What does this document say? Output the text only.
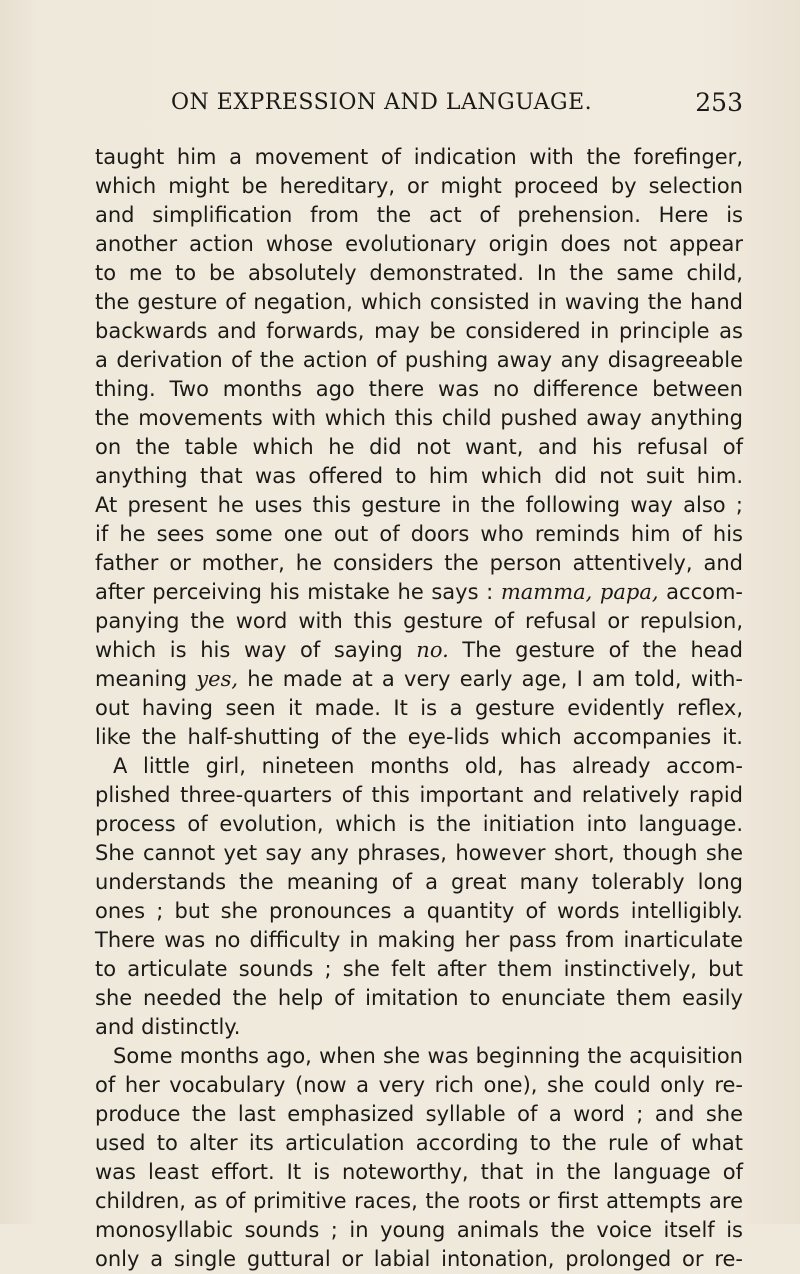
ON EXPRESSION AND LANGUAGE.	253
taught him a movement of indication with the forefinger,
which might be hereditary, or might proceed by selection
and simplification from the act of prehension. Here is
another action whose evolutionary origin does not appear
to me to be absolutely demonstrated. In the same child,
the gesture of negation, which consisted in waving the hand
backwards and forwards, may be considered in principle as
a derivation of the action of pushing away any disagreeable
thing. Two months ago there was no difference between
the movements with which this child pushed away anything
on the table which he did not want, and his refusal of
anything that was offered to him which did not suit him.
At present he uses this gesture in the following way also ;
if he sees some one out of doors who reminds him of his
father or mother, he considers the person attentively, and
after perceiving his mistake he says : mamma, papa, accom-
panying the word with this gesture of refusal or repulsion,
which is his way of saying no. The gesture of the head
meaning yes, he made at a very early age, I am told, with-
out having seen it made. It is a gesture evidently reflex,
like the half-shutting of the eye-lids which accompanies it.
A little girl, nineteen months old, has already accom-
plished three-quarters of this important and relatively rapid
process of evolution, which is the initiation into language.
She cannot yet say any phrases, however short, though she
understands the meaning of a great many tolerably long
ones ; but she pronounces a quantity of words intelligibly.
There was no difficulty in making her pass from inarticulate
to articulate sounds ; she felt after them instinctively, but
she needed the help of imitation to enunciate them easily
and distinctly.
Some months ago, when she was beginning the acquisition
of her vocabulary (now a very rich one), she could only re-
produce the last emphasized syllable of a word ; and she
used to alter its articulation according to the rule of what
was least effort. It is noteworthy, that in the language of
children, as of primitive races, the roots or first attempts are
monosyllabic sounds ; in young animals the voice itself is
only a single guttural or labial intonation, prolonged or re-
